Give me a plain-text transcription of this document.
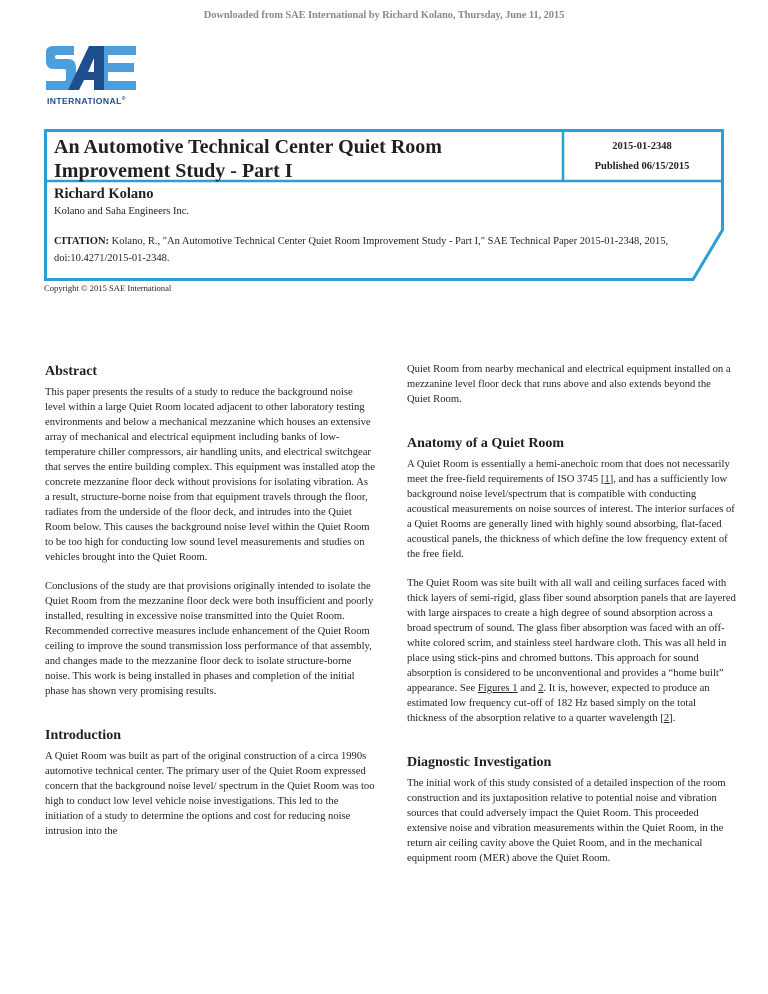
Downloaded from SAE International by Richard Kolano, Thursday, June 11, 2015
INTERNATIONAL®
An Automotive Technical Center Quiet Room Improvement Study - Part I
2015-01-2348
Published 06/15/2015
Richard Kolano
Kolano and Saha Engineers Inc.
CITATION: Kolano, R., "An Automotive Technical Center Quiet Room Improvement Study - Part I," SAE Technical Paper 2015-01-2348, 2015, doi:10.4271/2015-01-2348.
Copyright © 2015 SAE International
Abstract

This paper presents the results of a study to reduce the background noise level within a large Quiet Room located adjacent to other laboratory testing environments and below a mechanical mezzanine which houses an extensive array of mechanical and electrical equipment including banks of low-temperature chiller compressors, air handling units, and electrical switchgear that serves the entire building complex. This equipment was installed atop the concrete mezzanine floor deck without provisions for isolating vibration. As a result, structure-borne noise from that equipment travels through the floor, radiates from the underside of the floor deck, and intrudes into the Quiet Room below. This causes the background noise level within the Quiet Room to be too high for conducting low sound level measurements and studies on vehicles brought into the Quiet Room.

Conclusions of the study are that provisions originally intended to isolate the Quiet Room from the mezzanine floor deck were both insufficient and poorly installed, resulting in excessive noise transmitted into the Quiet Room. Recommended corrective measures include enhancement of the Quiet Room ceiling to improve the sound transmission loss performance of that assembly, and changes made to the mezzanine floor deck to isolate structure-borne noise. This work is being installed in phases and completion of the initial phase has shown very promising results.

Introduction

A Quiet Room was built as part of the original construction of a circa 1990s automotive technical center. The primary user of the Quiet Room expressed concern that the background noise level/ spectrum in the Quiet Room was too high to conduct low level vehicle noise investigations. This led to the initiation of a study to determine the options and cost for reducing noise intrusion into the

Quiet Room from nearby mechanical and electrical equipment installed on a mezzanine level floor deck that runs above and also extends beyond the Quiet Room.

Anatomy of a Quiet Room

A Quiet Room is essentially a hemi-anechoic room that does not necessarily meet the free-field requirements of ISO 3745 [1], and has a sufficiently low background noise level/spectrum that is compatible with conducting acoustical measurements on noise sources of interest. The interior surfaces of a Quiet Rooms are generally lined with highly sound absorbing, flat-faced acoustical panels, the thickness of which define the low frequency extent of the free field.

The Quiet Room was site built with all wall and ceiling surfaces faced with thick layers of semi-rigid, glass fiber sound absorption panels that are layered with large airspaces to create a high degree of sound absorption across a broad spectrum of sound. The glass fiber absorption was faced with an off-white colored scrim, and stainless steel hardware cloth. This was all held in place using stick-pins and chromed buttons. This approach for sound absorption is considered to be unconventional and provides a “home built” appearance. See Figures 1 and 2. It is, however, expected to produce an estimated low frequency cut-off of 182 Hz based simply on the total thickness of the absorption relative to a quarter wavelength [2].

Diagnostic Investigation

The initial work of this study consisted of a detailed inspection of the room construction and its juxtaposition relative to potential noise and vibration sources that could adversely impact the Quiet Room. This proceeded extensive noise and vibration measurements within the Quiet Room, in the return air ceiling cavity above the Quiet Room, and in the mechanical equipment room (MER) above the Quiet Room.
